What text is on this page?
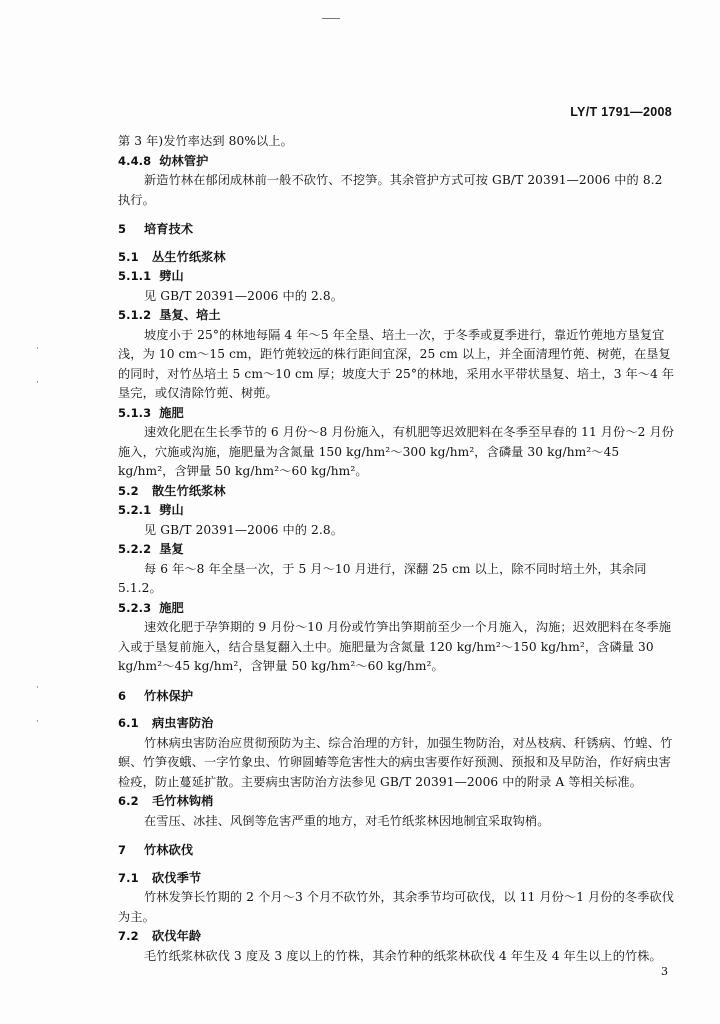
LY/T 1791—2008
·
·
·
·

第 3 年)发竹率达到 80%以上。

4.4.8 幼林管护

新造竹林在郁闭成林前一般不砍竹、不挖笋。其余管护方式可按 GB/T 20391—2006 中的 8.2 执行。

5 培育技术

5.1 丛生竹纸浆林

5.1.1 劈山

见 GB/T 20391—2006 中的 2.8。

5.1.2 垦复、培土

坡度小于 25°的林地每隔 4 年～5 年全垦、培土一次，于冬季或夏季进行，靠近竹蔸地方垦复宜浅，为 10 cm～15 cm，距竹蔸较远的株行距间宜深，25 cm 以上，并全面清理竹蔸、树蔸，在垦复的同时，对竹丛培土 5 cm～10 cm 厚；坡度大于 25°的林地，采用水平带状垦复、培土，3 年～4 年垦完，或仅清除竹蔸、树蔸。

5.1.3 施肥

速效化肥在生长季节的 6 月份～8 月份施入，有机肥等迟效肥料在冬季至早春的 11 月份～2 月份施入，穴施或沟施，施肥量为含氮量 150 kg/hm²～300 kg/hm²，含磷量 30 kg/hm²～45 kg/hm²，含钾量 50 kg/hm²～60 kg/hm²。

5.2 散生竹纸浆林

5.2.1 劈山

见 GB/T 20391—2006 中的 2.8。

5.2.2 垦复

每 6 年～8 年全垦一次，于 5 月～10 月进行，深翻 25 cm 以上，除不同时培土外，其余同 5.1.2。

5.2.3 施肥

速效化肥于孕笋期的 9 月份～10 月份或竹笋出笋期前至少一个月施入，沟施；迟效肥料在冬季施入或于垦复前施入，结合垦复翻入土中。施肥量为含氮量 120 kg/hm²～150 kg/hm²，含磷量 30 kg/hm²～45 kg/hm²，含钾量 50 kg/hm²～60 kg/hm²。

6 竹林保护

6.1 病虫害防治

竹林病虫害防治应贯彻预防为主、综合治理的方针，加强生物防治，对丛枝病、秆锈病、竹蝗、竹螟、竹笋夜蛾、一字竹象虫、竹卵圆蝽等危害性大的病虫害要作好预测、预报和及早防治，作好病虫害检疫，防止蔓延扩散。主要病虫害防治方法参见 GB/T 20391—2006 中的附录 A 等相关标准。

6.2 毛竹林钩梢

在雪压、冰挂、风倒等危害严重的地方，对毛竹纸浆林因地制宜采取钩梢。

7 竹林砍伐

7.1 砍伐季节

竹林发笋长竹期的 2 个月～3 个月不砍竹外，其余季节均可砍伐，以 11 月份～1 月份的冬季砍伐为主。

7.2 砍伐年龄

毛竹纸浆林砍伐 3 度及 3 度以上的竹株，其余竹种的纸浆林砍伐 4 年生及 4 年生以上的竹株。

3
